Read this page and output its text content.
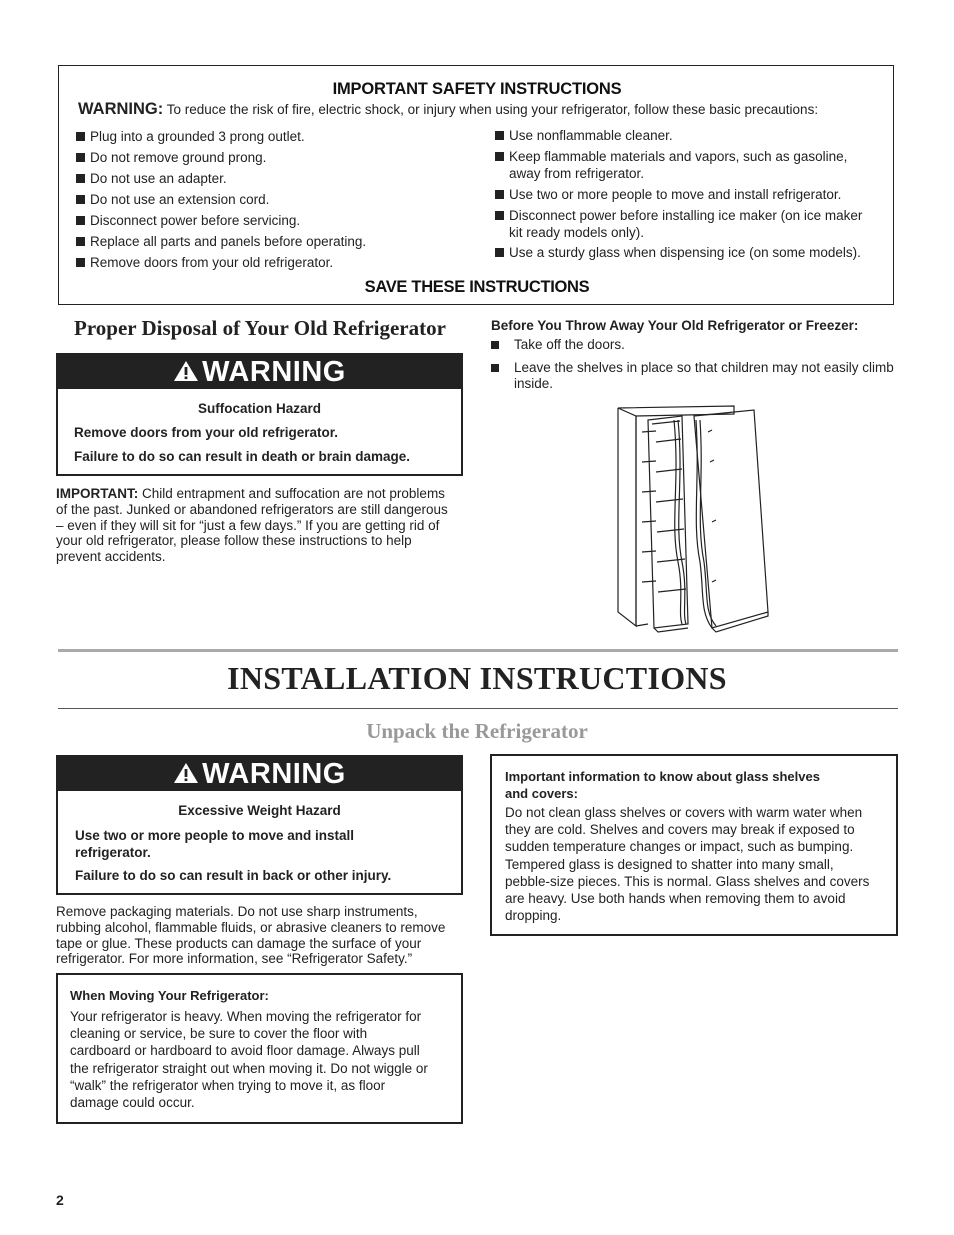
IMPORTANT SAFETY INSTRUCTIONS
WARNING: To reduce the risk of fire, electric shock, or injury when using your refrigerator, follow these basic precautions:
Plug into a grounded 3 prong outlet.
Do not remove ground prong.
Do not use an adapter.
Do not use an extension cord.
Disconnect power before servicing.
Replace all parts and panels before operating.
Remove doors from your old refrigerator.
Use nonflammable cleaner.
Keep flammable materials and vapors, such as gasoline,
away from refrigerator.
Use two or more people to move and install refrigerator.
Disconnect power before installing ice maker (on ice maker
kit ready models only).
Use a sturdy glass when dispensing ice (on some models).
SAVE THESE INSTRUCTIONS
Proper Disposal of Your Old Refrigerator
WARNING
Suffocation Hazard
Remove doors from your old refrigerator.
Failure to do so can result in death or brain damage.
IMPORTANT: Child entrapment and suffocation are not problems
of the past. Junked or abandoned refrigerators are still dangerous
– even if they will sit for “just a few days.” If you are getting rid of
your old refrigerator, please follow these instructions to help
prevent accidents.
Before You Throw Away Your Old Refrigerator or Freezer:
Take off the doors.
Leave the shelves in place so that children may not easily climb inside.
INSTALLATION INSTRUCTIONS
Unpack the Refrigerator
WARNING
Excessive Weight Hazard
Use two or more people to move and install
refrigerator.
Failure to do so can result in back or other injury.
Remove packaging materials. Do not use sharp instruments,
rubbing alcohol, flammable fluids, or abrasive cleaners to remove
tape or glue. These products can damage the surface of your
refrigerator. For more information, see “Refrigerator Safety.”
When Moving Your Refrigerator:
Your refrigerator is heavy. When moving the refrigerator for
cleaning or service, be sure to cover the floor with
cardboard or hardboard to avoid floor damage. Always pull
the refrigerator straight out when moving it. Do not wiggle or
“walk” the refrigerator when trying to move it, as floor
damage could occur.
Important information to know about glass shelves
and covers:
Do not clean glass shelves or covers with warm water when
they are cold. Shelves and covers may break if exposed to
sudden temperature changes or impact, such as bumping.
Tempered glass is designed to shatter into many small,
pebble-size pieces. This is normal. Glass shelves and covers
are heavy. Use both hands when removing them to avoid
dropping.
2
